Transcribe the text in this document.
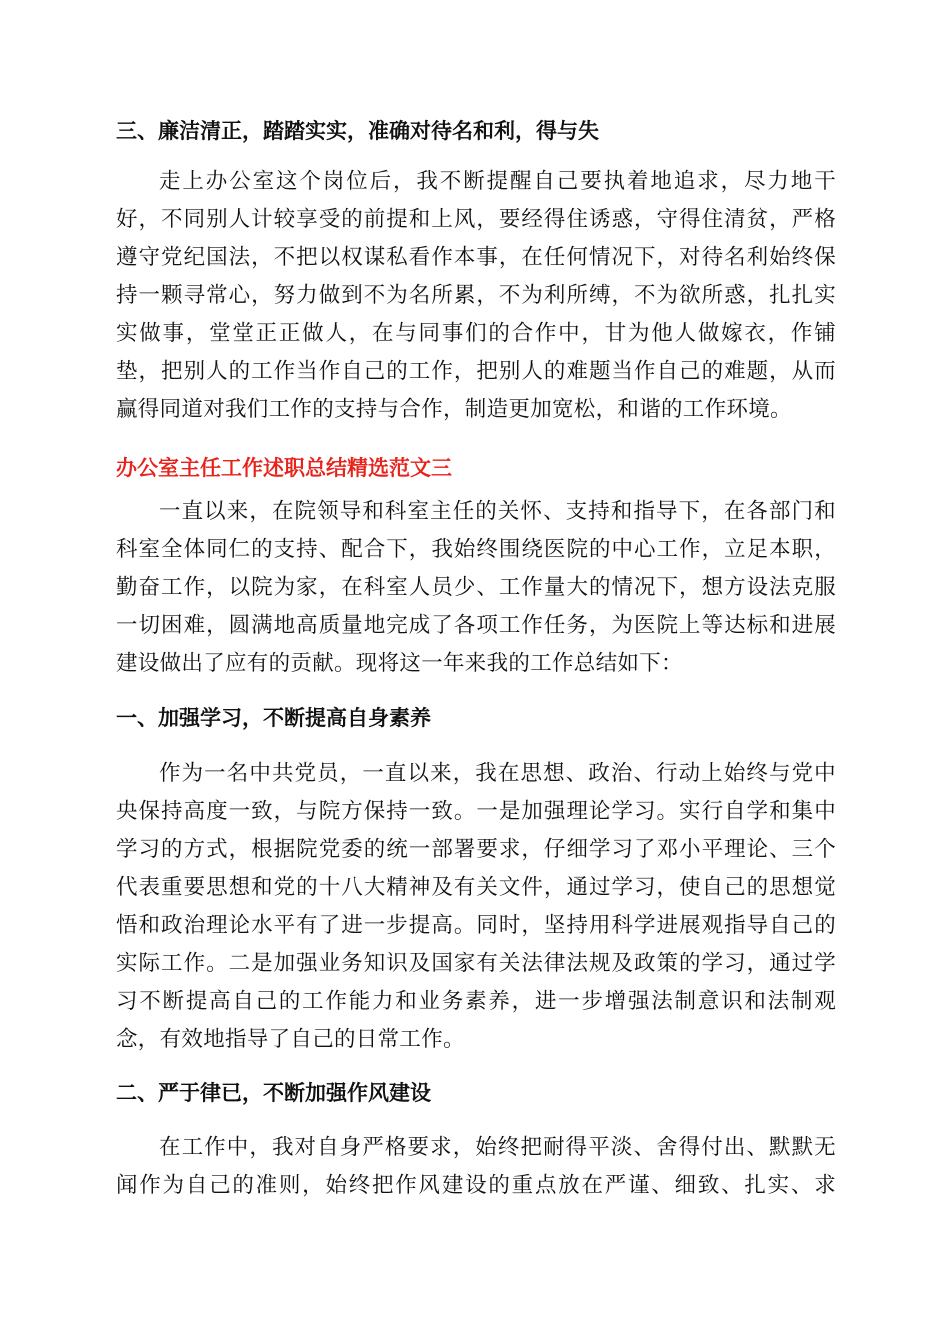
三、廉洁清正，踏踏实实，准确对待名和利，得与失
走上办公室这个岗位后，我不断提醒自己要执着地追求，尽力地干
好，不同别人计较享受的前提和上风，要经得住诱惑，守得住清贫，严格
遵守党纪国法，不把以权谋私看作本事，在任何情况下，对待名利始终保
持一颗寻常心，努力做到不为名所累，不为利所缚，不为欲所惑，扎扎实
实做事，堂堂正正做人，在与同事们的合作中，甘为他人做嫁衣，作铺
垫，把别人的工作当作自己的工作，把别人的难题当作自己的难题，从而
赢得同道对我们工作的支持与合作，制造更加宽松，和谐的工作环境。
办公室主任工作述职总结精选范文三
一直以来，在院领导和科室主任的关怀、支持和指导下，在各部门和
科室全体同仁的支持、配合下，我始终围绕医院的中心工作，立足本职，
勤奋工作，以院为家，在科室人员少、工作量大的情况下，想方设法克服
一切困难，圆满地高质量地完成了各项工作任务，为医院上等达标和进展
建设做出了应有的贡献。现将这一年来我的工作总结如下：
一、加强学习，不断提高自身素养
作为一名中共党员，一直以来，我在思想、政治、行动上始终与党中
央保持高度一致，与院方保持一致。一是加强理论学习。实行自学和集中
学习的方式，根据院党委的统一部署要求，仔细学习了邓小平理论、三个
代表重要思想和党的十八大精神及有关文件，通过学习，使自己的思想觉
悟和政治理论水平有了进一步提高。同时，坚持用科学进展观指导自己的
实际工作。二是加强业务知识及国家有关法律法规及政策的学习，通过学
习不断提高自己的工作能力和业务素养，进一步增强法制意识和法制观
念，有效地指导了自己的日常工作。
二、严于律已，不断加强作风建设
在工作中，我对自身严格要求，始终把耐得平淡、舍得付出、默默无
闻作为自己的准则，始终把作风建设的重点放在严谨、细致、扎实、求
